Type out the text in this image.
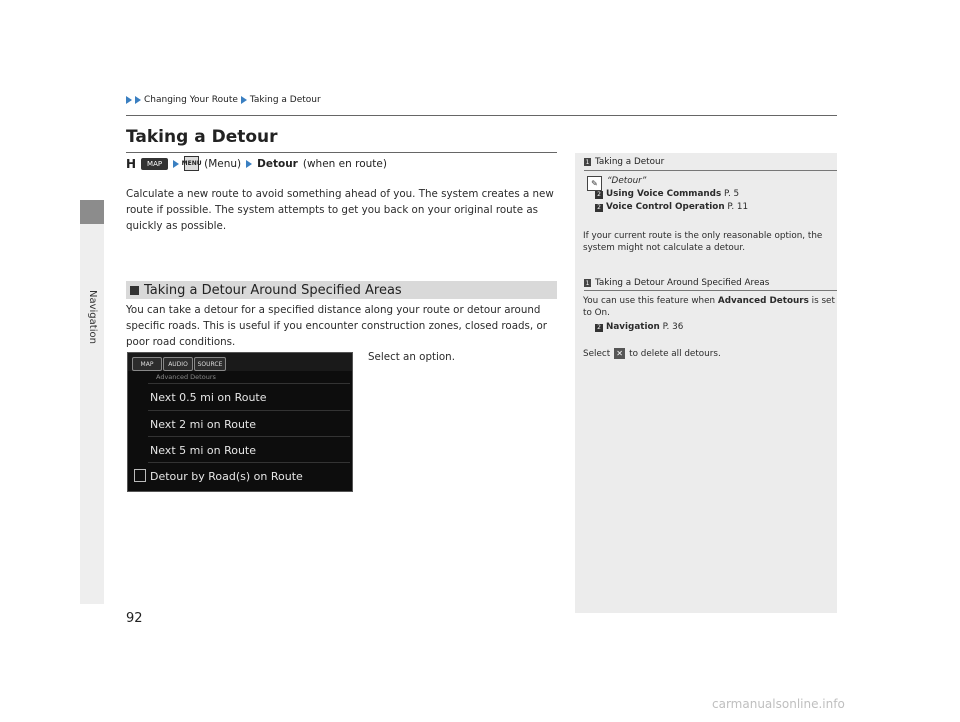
Navigation
Changing Your Route Taking a Detour
Taking a Detour
H	MAP	MENU (Menu) Detour (when en route)
Calculate a new route to avoid something ahead of you. The system creates a new route if possible. The system attempts to get you back on your original route as quickly as possible.
Taking a Detour Around Specified Areas
You can take a detour for a specified distance along your route or detour around specific roads. This is useful if you encounter construction zones, closed roads, or poor road conditions.
MAP	AUDIO	SOURCE
Advanced Detours
Next 0.5 mi on Route
Next 2 mi on Route
Next 5 mi on Route
Detour by Road(s) on Route
Select an option.
1 Taking a Detour
✎	“Detour”
2 Using Voice Commands P. 5
2 Voice Control Operation P. 11
If your current route is the only reasonable option, the system might not calculate a detour.
1 Taking a Detour Around Specified Areas
You can use this feature when Advanced Detours is set to On.
2 Navigation P. 36
Select ✕ to delete all detours.
92
carmanualsonline.info
